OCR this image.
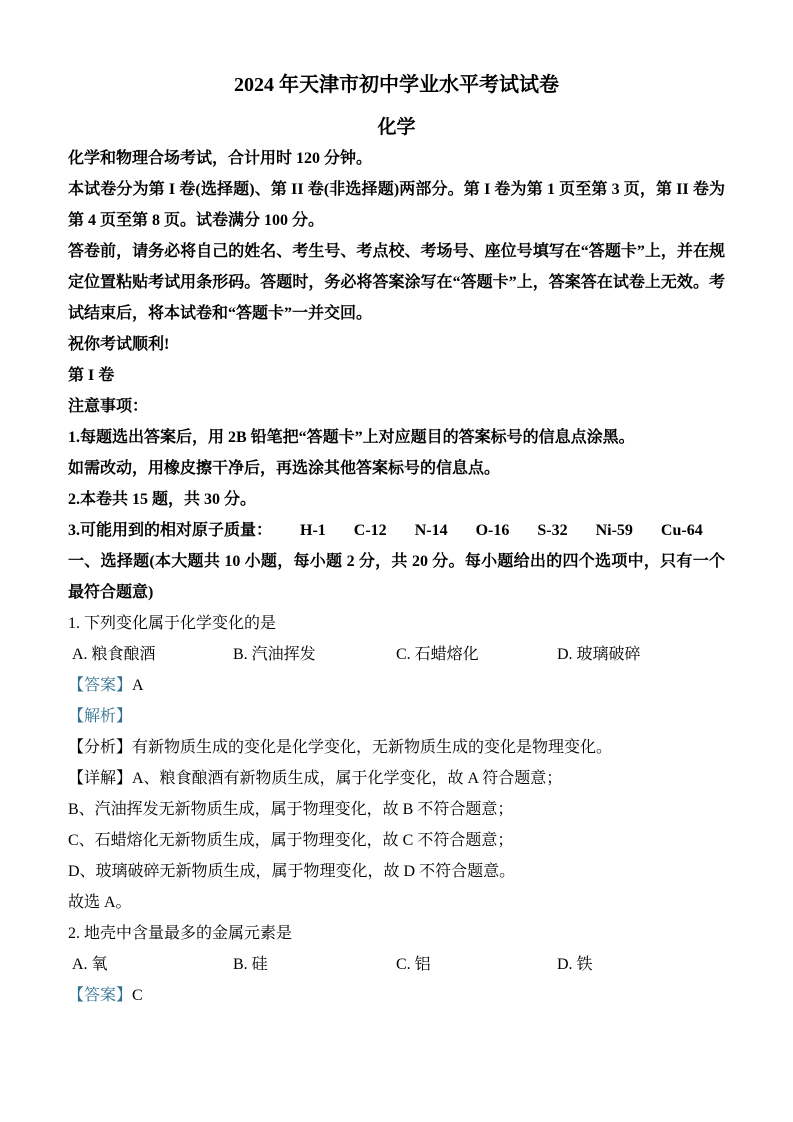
2024 年天津市初中学业水平考试试卷
化学

化学和物理合场考试，合计用时 120 分钟。

本试卷分为第 I 卷(选择题)、第 II 卷(非选择题)两部分。第 I 卷为第 1 页至第 3 页，第 II 卷为第 4 页至第 8 页。试卷满分 100 分。

答卷前，请务必将自己的姓名、考生号、考点校、考场号、座位号填写在“答题卡”上，并在规定位置粘贴考试用条形码。答题时，务必将答案涂写在“答题卡”上，答案答在试卷上无效。考试结束后，将本试卷和“答题卡”一并交回。

祝你考试顺利!

第 I 卷

注意事项：

1.每题选出答案后，用 2B 铅笔把“答题卡”上对应题目的答案标号的信息点涂黑。

如需改动，用橡皮擦干净后，再选涂其他答案标号的信息点。

2.本卷共 15 题，共 30 分。

3.可能用到的相对原子质量： H-1 C-12 N-14 O-16 S-32 Ni-59 Cu-64

一、选择题(本大题共 10 小题，每小题 2 分，共 20 分。每小题给出的四个选项中，只有一个最符合题意)

1. 下列变化属于化学变化的是

A. 粮食酿酒	B. 汽油挥发	C. 石蜡熔化	D. 玻璃破碎

【答案】A

【解析】

【分析】有新物质生成的变化是化学变化，无新物质生成的变化是物理变化。

【详解】A、粮食酿酒有新物质生成，属于化学变化，故 A 符合题意；

B、汽油挥发无新物质生成，属于物理变化，故 B 不符合题意；

C、石蜡熔化无新物质生成，属于物理变化，故 C 不符合题意；

D、玻璃破碎无新物质生成，属于物理变化，故 D 不符合题意。

故选 A。

2. 地壳中含量最多的金属元素是

A. 氧	B. 硅	C. 铝	D. 铁

【答案】C
